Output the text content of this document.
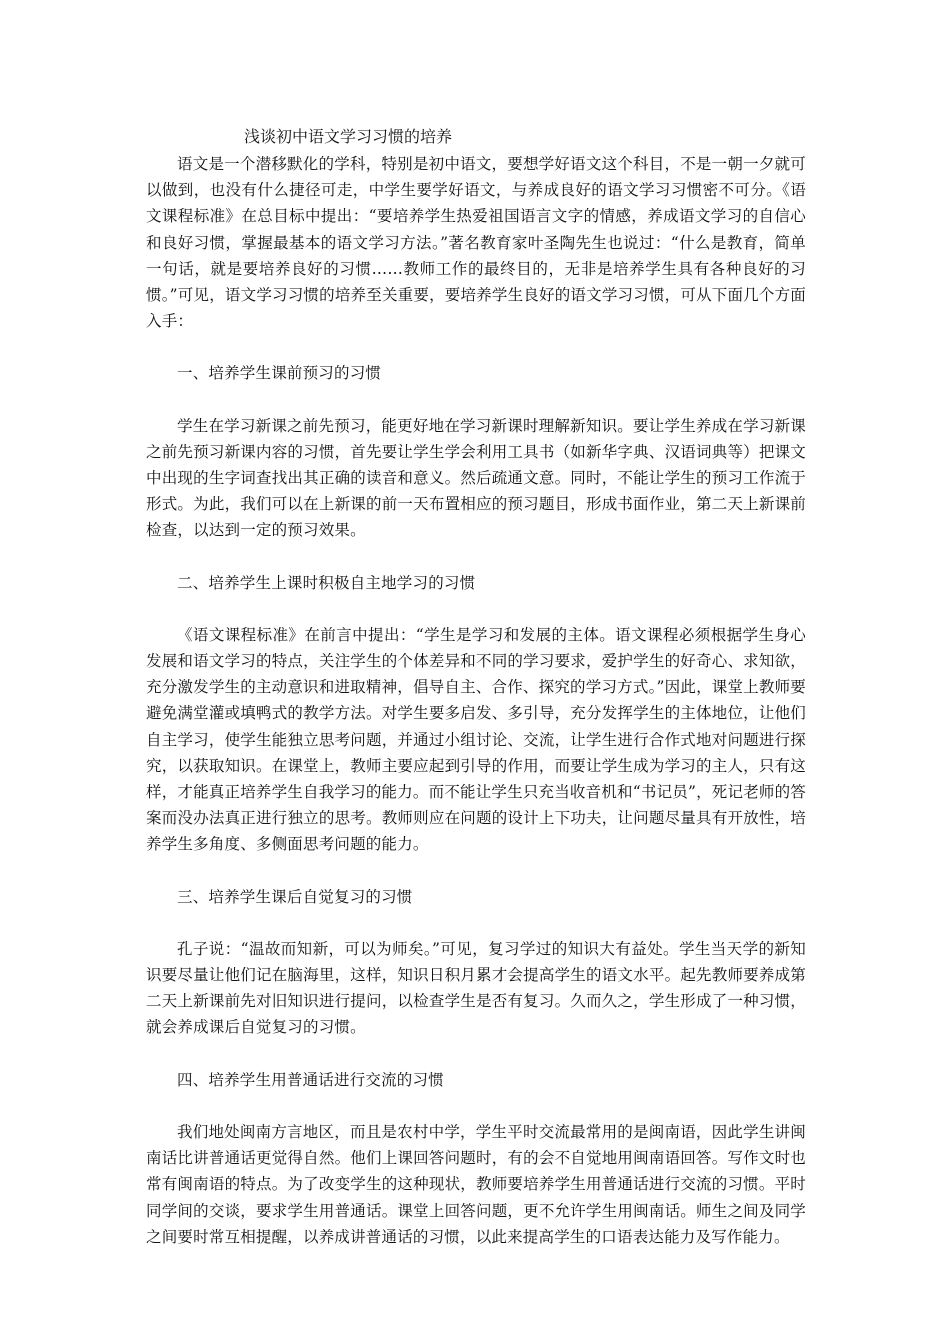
浅谈初中语文学习习惯的培养

语文是一个潜移默化的学科，特别是初中语文，要想学好语文这个科目，不是一朝一夕就可以做到，也没有什么捷径可走，中学生要学好语文，与养成良好的语文学习习惯密不可分。《语文课程标准》在总目标中提出：“要培养学生热爱祖国语言文字的情感，养成语文学习的自信心和良好习惯，掌握最基本的语文学习方法。”著名教育家叶圣陶先生也说过：“什么是教育，简单一句话，就是要培养良好的习惯……教师工作的最终目的，无非是培养学生具有各种良好的习惯。”可见，语文学习习惯的培养至关重要，要培养学生良好的语文学习习惯，可从下面几个方面入手：

一、培养学生课前预习的习惯

学生在学习新课之前先预习，能更好地在学习新课时理解新知识。要让学生养成在学习新课之前先预习新课内容的习惯，首先要让学生学会利用工具书（如新华字典、汉语词典等）把课文中出现的生字词查找出其正确的读音和意义。然后疏通文意。同时，不能让学生的预习工作流于形式。为此，我们可以在上新课的前一天布置相应的预习题目，形成书面作业，第二天上新课前检查，以达到一定的预习效果。

二、培养学生上课时积极自主地学习的习惯

《语文课程标准》在前言中提出：“学生是学习和发展的主体。语文课程必须根据学生身心发展和语文学习的特点，关注学生的个体差异和不同的学习要求，爱护学生的好奇心、求知欲，充分激发学生的主动意识和进取精神，倡导自主、合作、探究的学习方式。”因此，课堂上教师要避免满堂灌或填鸭式的教学方法。对学生要多启发、多引导，充分发挥学生的主体地位，让他们自主学习，使学生能独立思考问题，并通过小组讨论、交流，让学生进行合作式地对问题进行探究，以获取知识。在课堂上，教师主要应起到引导的作用，而要让学生成为学习的主人，只有这样，才能真正培养学生自我学习的能力。而不能让学生只充当收音机和“书记员”，死记老师的答案而没办法真正进行独立的思考。教师则应在问题的设计上下功夫，让问题尽量具有开放性，培养学生多角度、多侧面思考问题的能力。

三、培养学生课后自觉复习的习惯

孔子说：“温故而知新，可以为师矣。”可见，复习学过的知识大有益处。学生当天学的新知识要尽量让他们记在脑海里，这样，知识日积月累才会提高学生的语文水平。起先教师要养成第二天上新课前先对旧知识进行提问，以检查学生是否有复习。久而久之，学生形成了一种习惯，就会养成课后自觉复习的习惯。

四、培养学生用普通话进行交流的习惯

我们地处闽南方言地区，而且是农村中学，学生平时交流最常用的是闽南语，因此学生讲闽南话比讲普通话更觉得自然。他们上课回答问题时，有的会不自觉地用闽南语回答。写作文时也常有闽南语的特点。为了改变学生的这种现状，教师要培养学生用普通话进行交流的习惯。平时同学间的交谈，要求学生用普通话。课堂上回答问题，更不允许学生用闽南话。师生之间及同学之间要时常互相提醒，以养成讲普通话的习惯，以此来提高学生的口语表达能力及写作能力。
